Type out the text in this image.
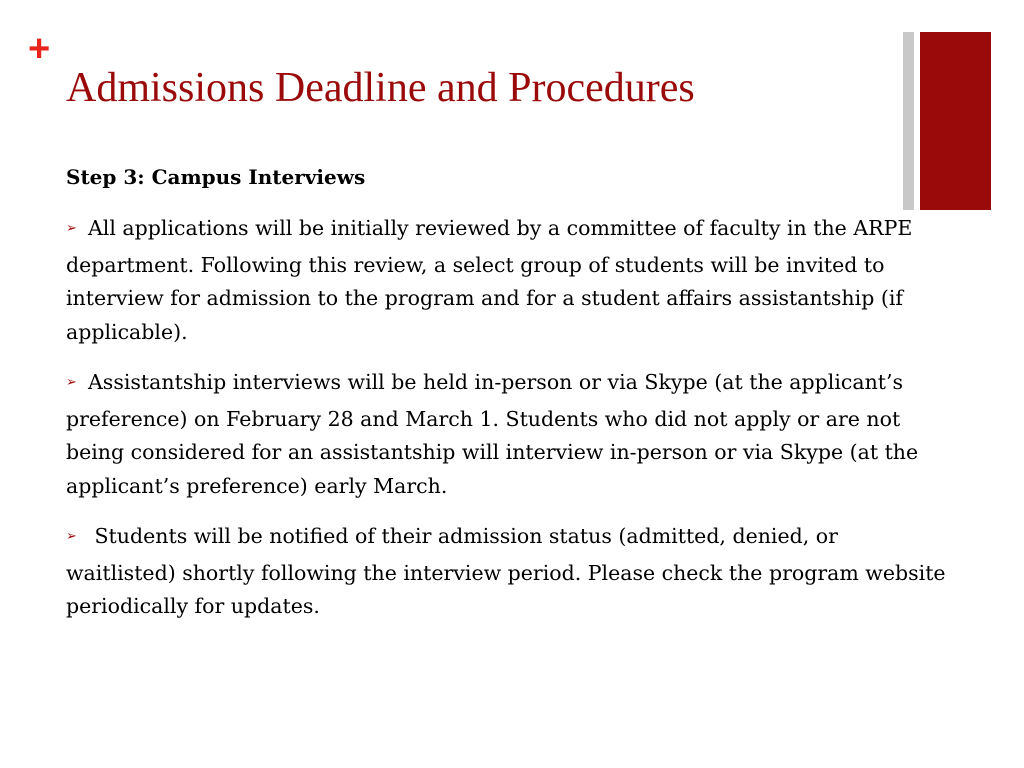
+
Admissions Deadline and Procedures
Step 3: Campus Interviews
➢ All applications will be initially reviewed by a committee of faculty in the ARPE department. Following this review, a select group of students will be invited to interview for admission to the program and for a student affairs assistantship (if applicable).
➢ Assistantship interviews will be held in-person or via Skype (at the applicant’s preference) on February 28 and March 1. Students who did not apply or are not being considered for an assistantship will interview in-person or via Skype (at the applicant’s preference) early March.
➢ Students will be notified of their admission status (admitted, denied, or waitlisted) shortly following the interview period. Please check the program website periodically for updates.
